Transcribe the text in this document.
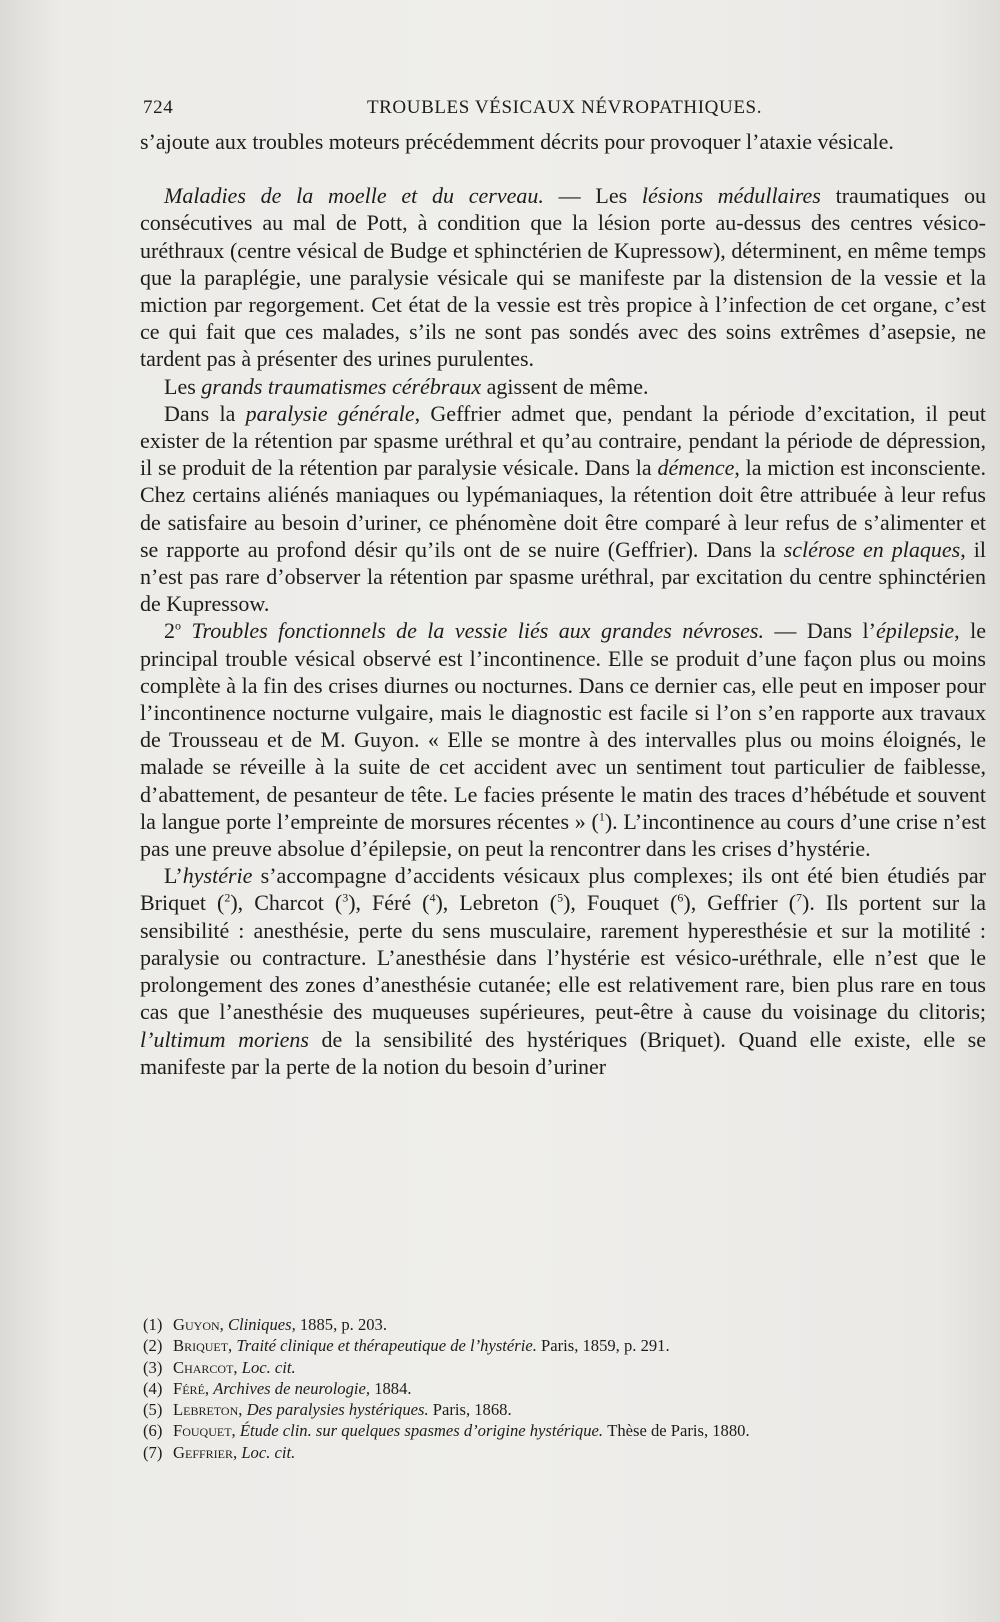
724	TROUBLES VÉSICAUX NÉVROPATHIQUES.

s’ajoute aux troubles moteurs précédemment décrits pour provoquer l’ataxie vésicale.

Maladies de la moelle et du cerveau. — Les lésions médullaires traumatiques ou consécutives au mal de Pott, à condition que la lésion porte au-dessus des centres vésico-uréthraux (centre vésical de Budge et sphinctérien de Kupressow), déterminent, en même temps que la paraplégie, une paralysie vésicale qui se manifeste par la distension de la vessie et la miction par regorgement. Cet état de la vessie est très propice à l’infection de cet organe, c’est ce qui fait que ces malades, s’ils ne sont pas sondés avec des soins extrêmes d’asepsie, ne tardent pas à présenter des urines purulentes.

Les grands traumatismes cérébraux agissent de même.

Dans la paralysie générale, Geffrier admet que, pendant la période d’excitation, il peut exister de la rétention par spasme uréthral et qu’au contraire, pendant la période de dépression, il se produit de la rétention par paralysie vésicale. Dans la démence, la miction est inconsciente. Chez certains aliénés maniaques ou lypémaniaques, la rétention doit être attribuée à leur refus de satisfaire au besoin d’uriner, ce phénomène doit être comparé à leur refus de s’alimenter et se rapporte au profond désir qu’ils ont de se nuire (Geffrier). Dans la sclérose en plaques, il n’est pas rare d’observer la rétention par spasme uréthral, par excitation du centre sphinctérien de Kupressow.

2$^o$ Troubles fonctionnels de la vessie liés aux grandes névroses. — Dans l’épilepsie, le principal trouble vésical observé est l’incontinence. Elle se produit d’une façon plus ou moins complète à la fin des crises diurnes ou nocturnes. Dans ce dernier cas, elle peut en imposer pour l’incontinence nocturne vulgaire, mais le diagnostic est facile si l’on s’en rapporte aux travaux de Trousseau et de M. Guyon. « Elle se montre à des intervalles plus ou moins éloignés, le malade se réveille à la suite de cet accident avec un sentiment tout particulier de faiblesse, d’abattement, de pesanteur de tête. Le facies présente le matin des traces d’hébétude et souvent la langue porte l’empreinte de morsures récentes » ($^1$). L’incontinence au cours d’une crise n’est pas une preuve absolue d’épilepsie, on peut la rencontrer dans les crises d’hystérie.

L’hystérie s’accompagne d’accidents vésicaux plus complexes; ils ont été bien étudiés par Briquet ($^2$), Charcot ($^3$), Féré ($^4$), Lebreton ($^5$), Fouquet ($^6$), Geffrier ($^7$). Ils portent sur la sensibilité : anesthésie, perte du sens musculaire, rarement hyperesthésie et sur la motilité : paralysie ou contracture. L’anesthésie dans l’hystérie est vésico-uréthrale, elle n’est que le prolongement des zones d’anesthésie cutanée; elle est relativement rare, bien plus rare en tous cas que l’anesthésie des muqueuses supérieures, peut-être à cause du voisinage du clitoris; l’ultimum moriens de la sensibilité des hystériques (Briquet). Quand elle existe, elle se manifeste par la perte de la notion du besoin d’uriner

(1) Guyon,
Cliniques,
1885, p. 203.
(2) Briquet,
Traité clinique et thérapeutique de l’hystérie.
Paris, 1859, p. 291.
(3) Charcot,
Loc. cit.

(4) Féré,
Archives de neurologie,
1884.
(5) Lebreton,
Des paralysies hystériques.
Paris, 1868.
(6) Fouquet,
Étude clin. sur quelques spasmes d’origine hystérique.
Thèse de Paris, 1880.
(7) Geffrier,
Loc. cit.
